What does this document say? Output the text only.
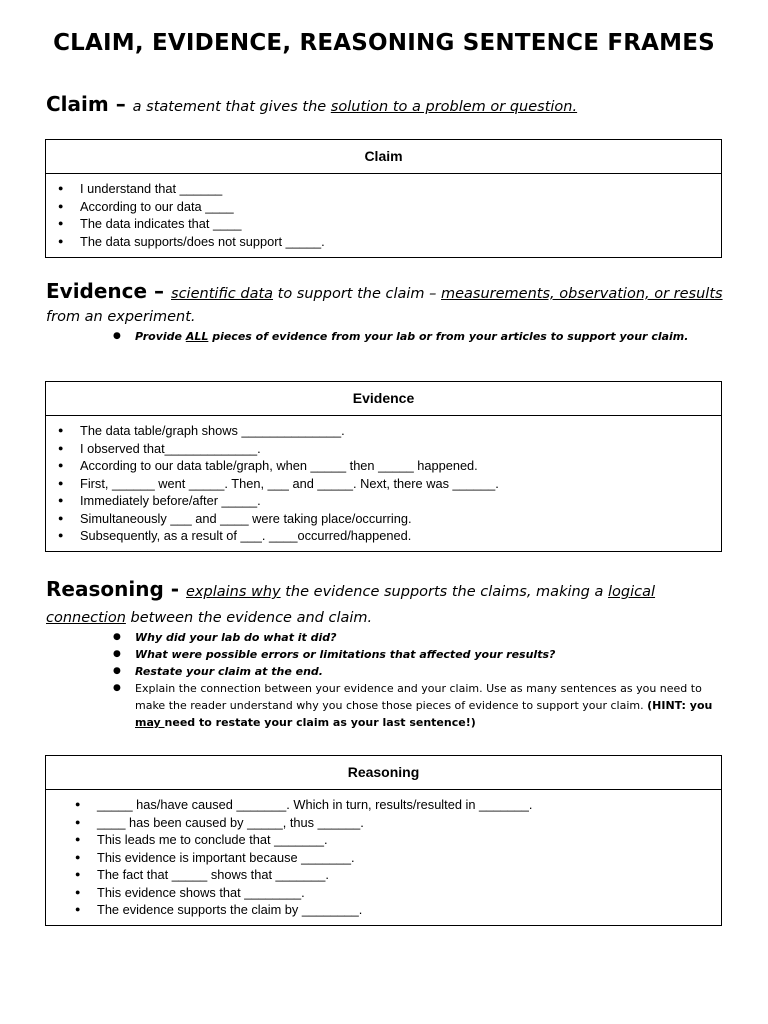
CLAIM, EVIDENCE, REASONING SENTENCE FRAMES
Claim – a statement that gives the solution to a problem or question.
Claim
● I understand that ______
● According to our data ____
● The data indicates that ____
● The data supports/does not support _____.
Evidence – scientific data to support the claim – measurements, observation, or results from an experiment.
● Provide ALL pieces of evidence from your lab or from your articles to support your claim.
Evidence
● The data table/graph shows ______________.
● I observed that_____________.
● According to our data table/graph, when _____ then _____ happened.
● First, ______ went _____. Then, ___ and _____. Next, there was ______.
● Immediately before/after _____.
● Simultaneously ___ and ____ were taking place/occurring.
● Subsequently, as a result of ___. ____occurred/happened.
Reasoning - explains why the evidence supports the claims, making a logical connection between the evidence and claim.
● Why did your lab do what it did?
● What were possible errors or limitations that affected your results?
● Restate your claim at the end.
● Explain the connection between your evidence and your claim. Use as many sentences as you need to make the reader understand why you chose those pieces of evidence to support your claim. (HINT: you may need to restate your claim as your last sentence!)
Reasoning
● _____ has/have caused _______. Which in turn, results/resulted in _______.
● ____ has been caused by _____, thus ______.
● This leads me to conclude that _______.
● This evidence is important because _______.
● The fact that _____ shows that _______.
● This evidence shows that ________.
● The evidence supports the claim by ________.
